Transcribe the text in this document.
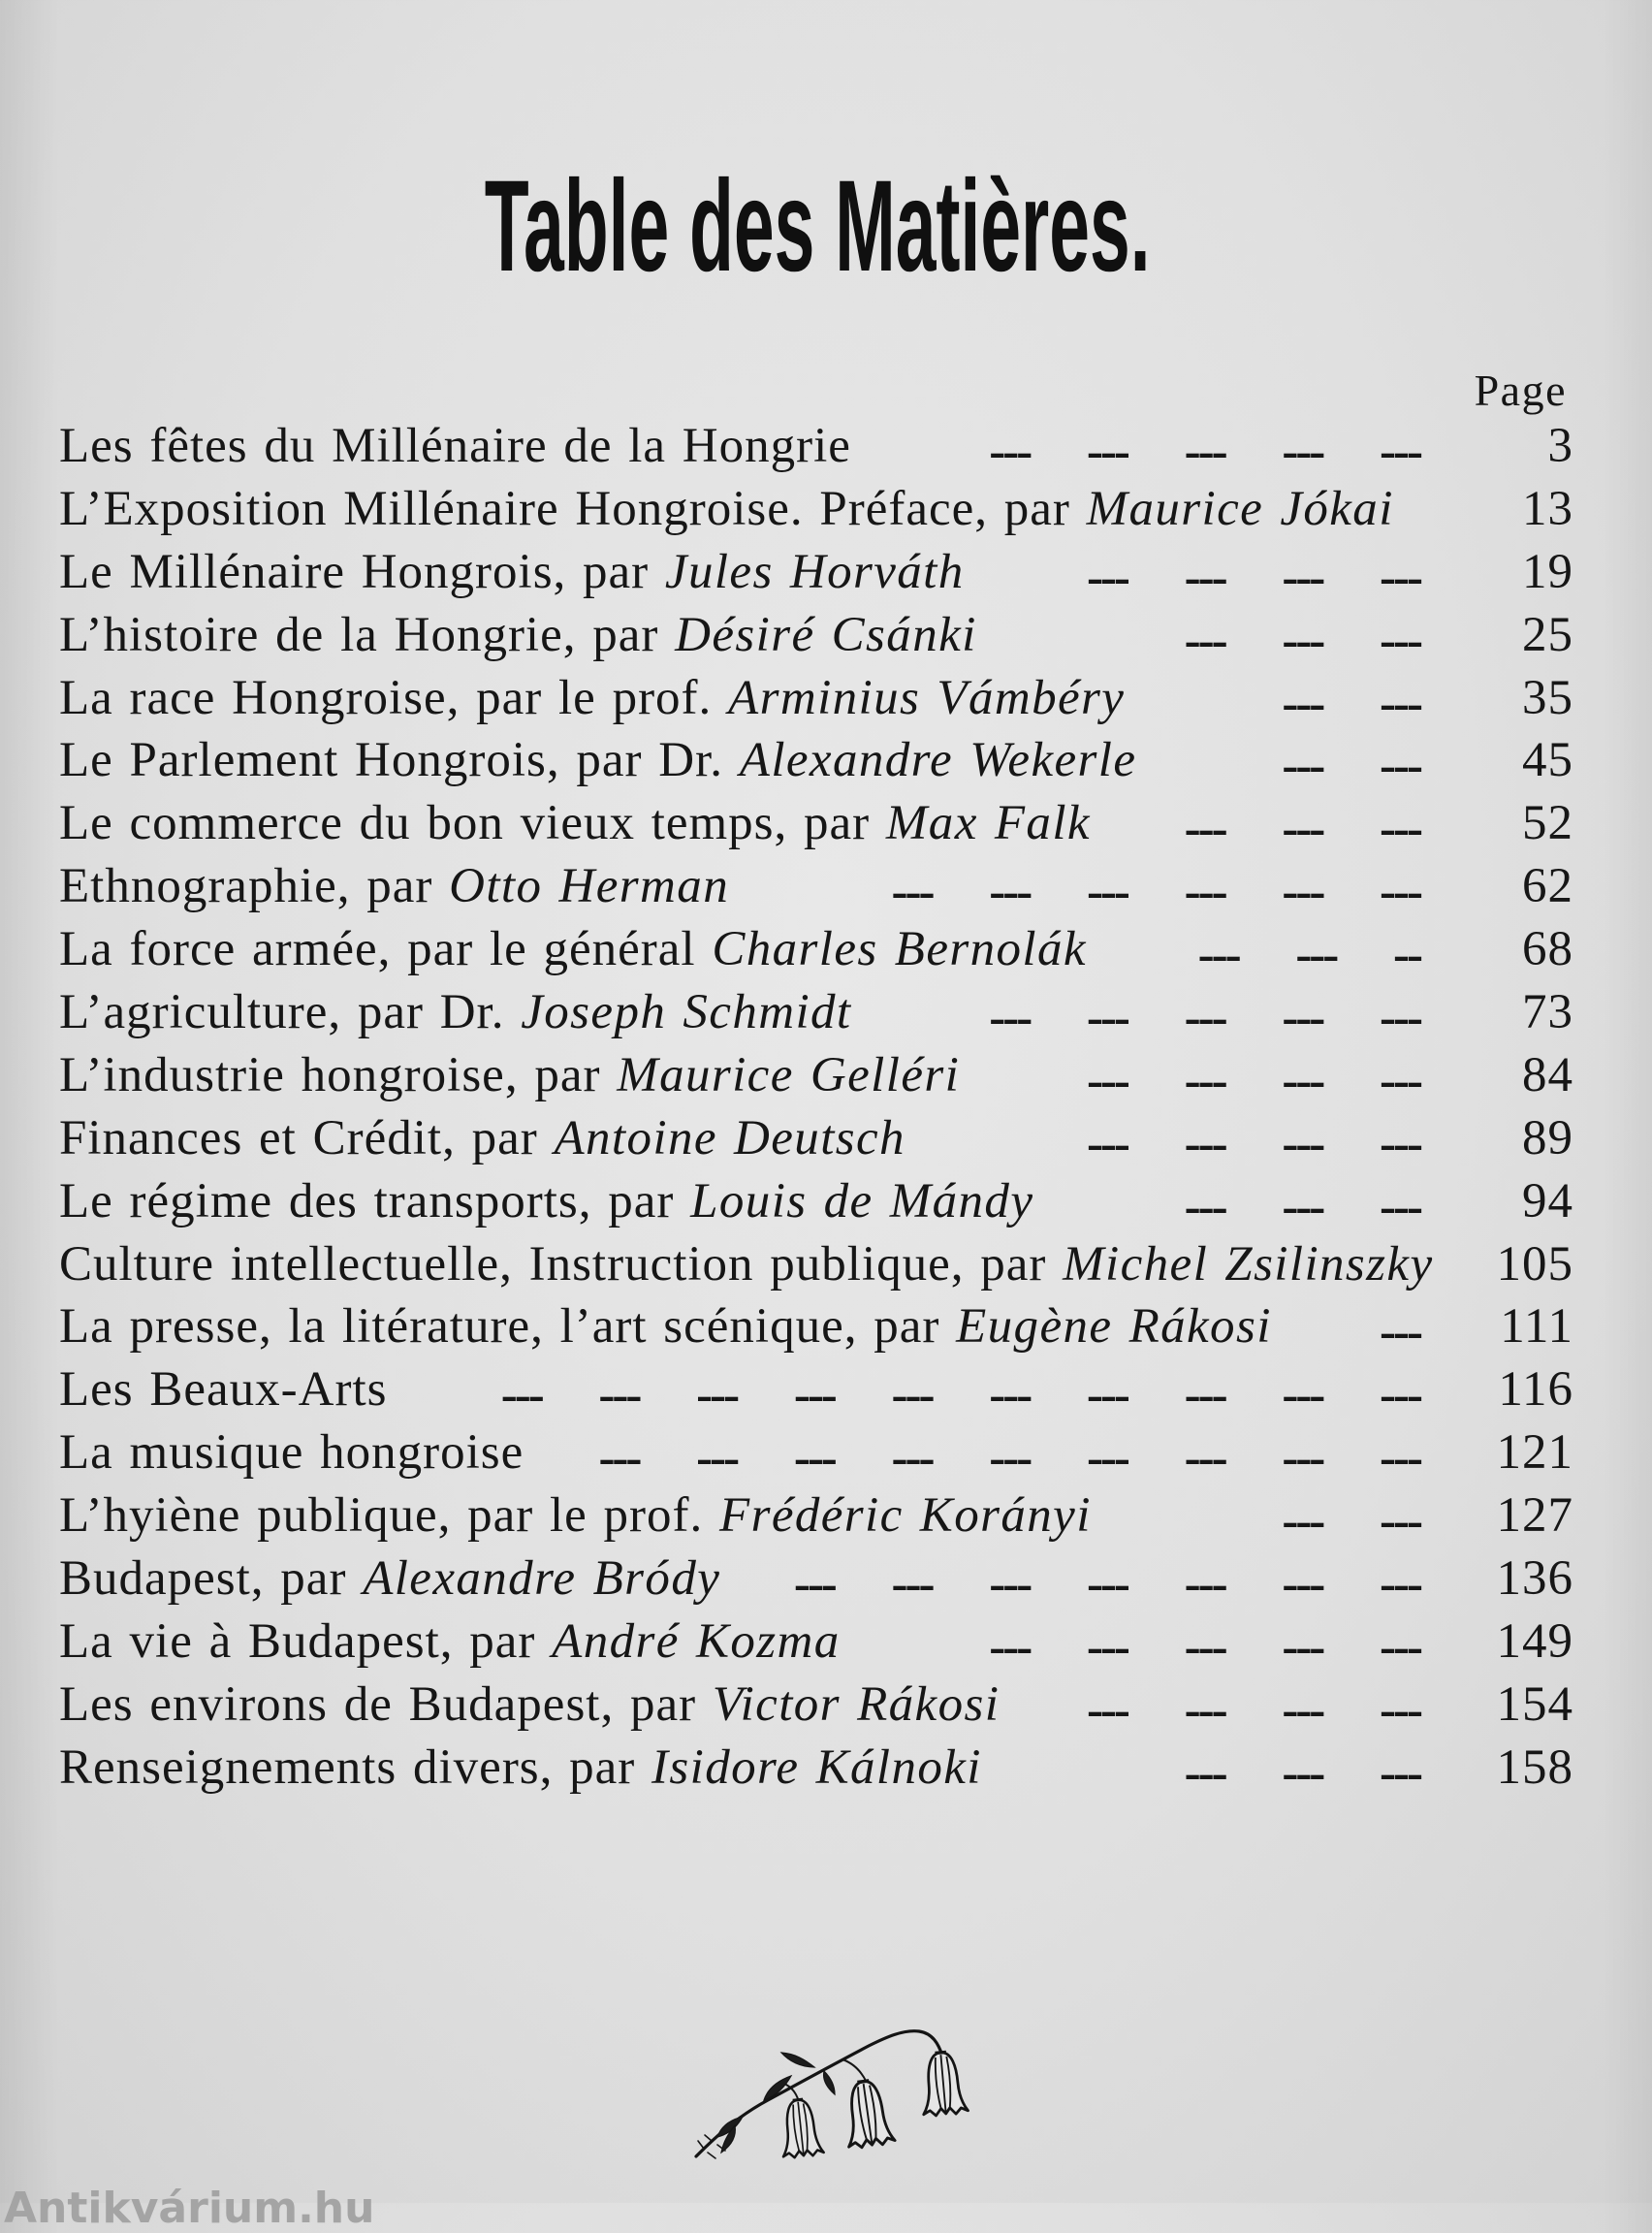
Table des Matières.
Page
Les fêtes du Millénaire de la Hongrie	--- --- --- --- ---	3
L’Exposition Millénaire Hongroise. Préface, par Maurice Jókai	13
Le Millénaire Hongrois, par Jules Horváth	--- --- --- ---	19
L’histoire de la Hongrie, par Désiré Csánki	--- --- ---	25
La race Hongroise, par le prof. Arminius Vámbéry	--- ---	35
Le Parlement Hongrois, par Dr. Alexandre Wekerle	--- ---	45
Le commerce du bon vieux temps, par Max Falk	--- --- ---	52
Ethnographie, par Otto Herman	--- --- --- --- --- ---	62
La force armée, par le général Charles Bernolák	--- --- --	68
L’agriculture, par Dr. Joseph Schmidt	--- --- --- --- ---	73
L’industrie hongroise, par Maurice Gelléri	--- --- --- ---	84
Finances et Crédit, par Antoine Deutsch	--- --- --- ---	89
Le régime des transports, par Louis de Mándy	--- --- ---	94
Culture intellectuelle, Instruction publique, par Michel Zsilinszky	105
La presse, la litérature, l’art scénique, par Eugène Rákosi	---	111
Les Beaux-Arts	--- --- --- --- --- --- --- --- --- ---	116
La musique hongroise	--- --- --- --- --- --- --- --- ---	121
L’hyiène publique, par le prof. Frédéric Korányi	--- ---	127
Budapest, par Alexandre Bródy	--- --- --- --- --- --- ---	136
La vie à Budapest, par André Kozma	--- --- --- --- ---	149
Les environs de Budapest, par Victor Rákosi	--- --- --- ---	154
Renseignements divers, par Isidore Kálnoki	--- --- ---	158
Antikvárium.hu
